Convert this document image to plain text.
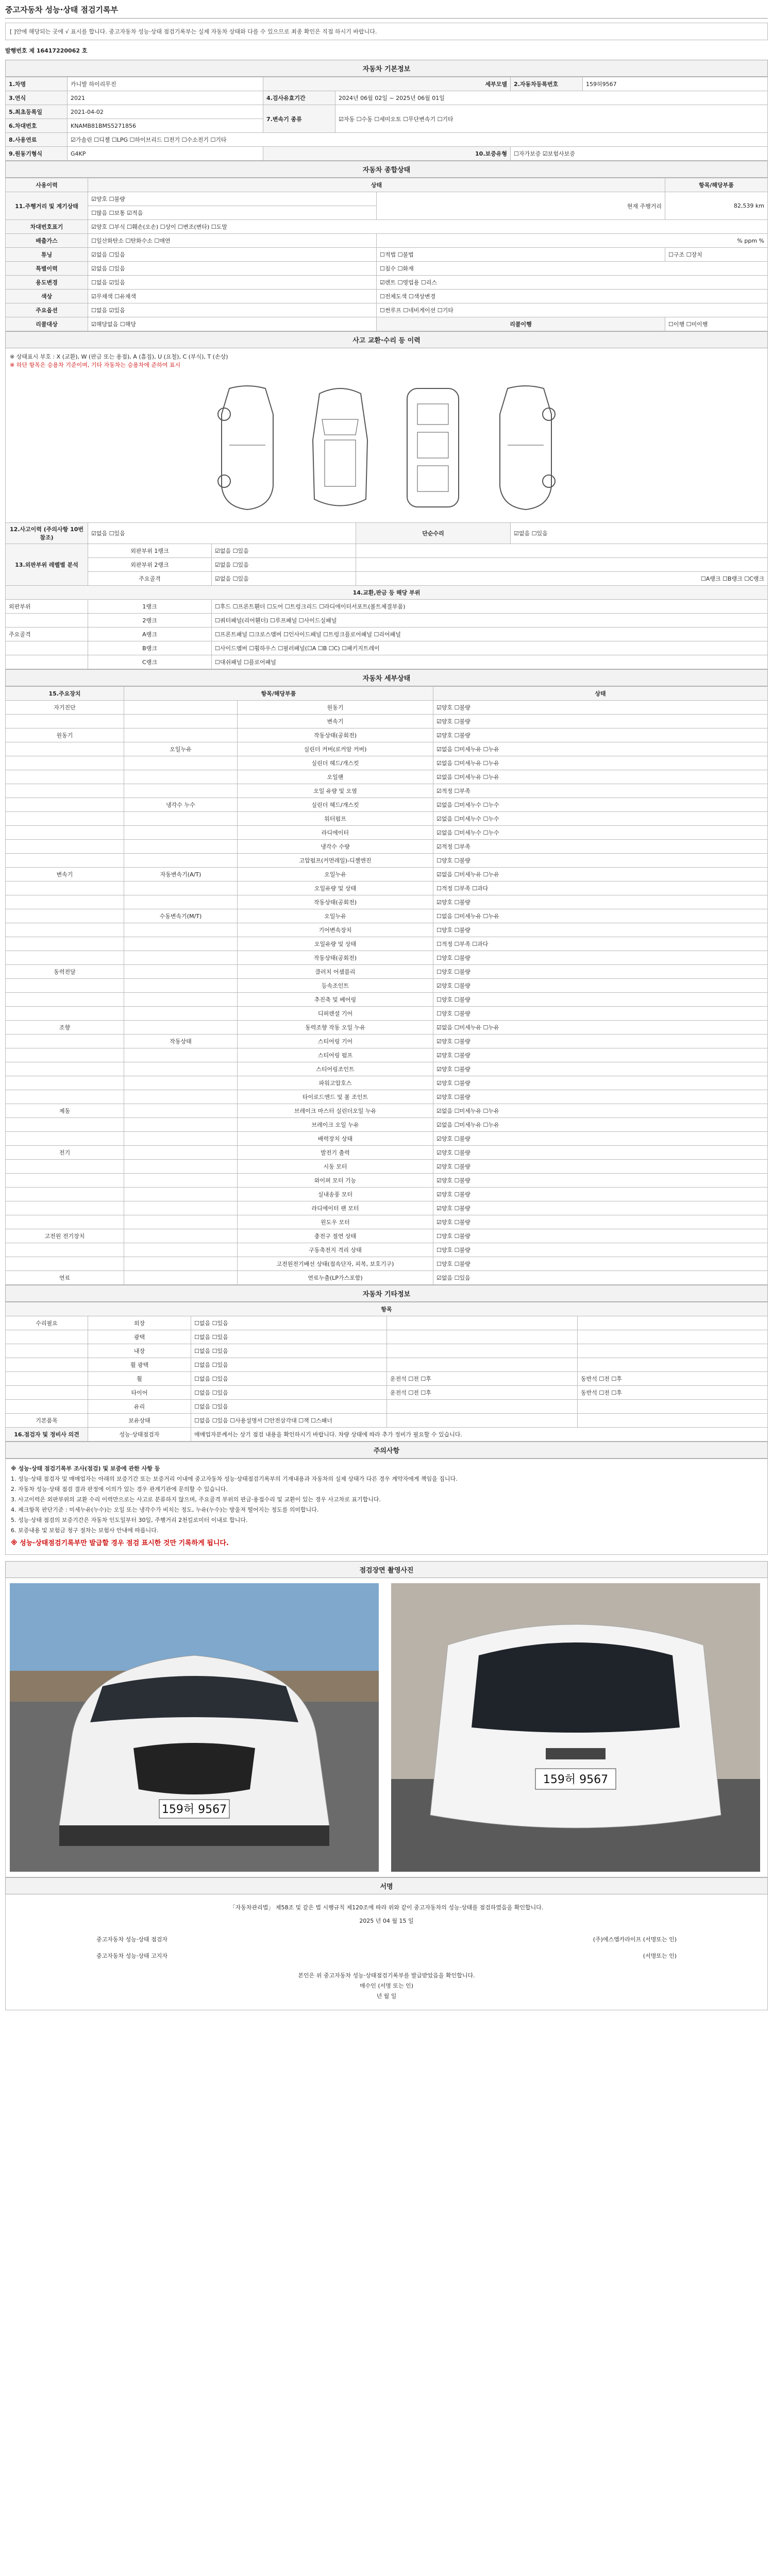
중고자동차 성능·상태 점검기록부
[ ]안에 해당되는 곳에 √ 표시를 합니다. 중고자동차 성능·상태 점검기록부는 실제 자동차 상태와 다를 수 있으므로 최종 확인은 직접 하시기 바랍니다.
발행번호 제 16417220062 호
자동차 기본정보
1.차명	카니발 하이리무진	세부모델		2.자동차등록번호	159허9567
3.연식	2021	4.검사유효기간	2024년 06월 02일 ~ 2025년 06월 01일		
5.최초등록일	2021-04-02	7.변속기 종류	☑자동 ☐수동 ☐세미오토 ☐무단변속기 ☐기타		
6.차대번호	KNAMB81BMS5271856				
8.사용연료	☑가솔린 ☐디젤 ☐LPG ☐하이브리드 ☐전기 ☐수소전기 ☐기타				
9.원동기형식	G4KP	10.보증유형		☐자가보증 ☑보험사보증	
자동차 종합상태
사용이력	상태		항목/해당부품
11.주행거리 및 계기상태	☑양호 ☐불량	현재 주행거리	82,539 km
	☐많음 ☐보통 ☑적음		
차대번호표기	☑양호 ☐부식 ☐훼손(오손) ☐상이 ☐변조(변타) ☐도말		
배출가스	☐일산화탄소 ☐탄화수소 ☐매연	% ppm %	
튜닝	☑없음 ☐있음	☐적법 ☐불법	☐구조 ☐장치
특별이력	☑없음 ☐있음	☐침수 ☐화재	
용도변경	☐없음 ☑있음	☑렌트 ☐영업용 ☐리스	
색상	☑무채색 ☐유채색	☐전체도색 ☐색상변경	
주요옵션	☐없음 ☑있음	☐썬루프 ☐네비게이션 ☐기타	
리콜대상	☑해당없음 ☐해당	리콜이행	☐이행 ☐미이행
사고 교환·수리 등 이력
※ 상태표시 부호 : X (교환), W (판금 또는 용접), A (흠집), U (요철), C (부식), T (손상)
※ 하단 항목은 승용차 기준이며, 기타 자동차는 승용차에 준하여 표시
12.사고이력 (주의사항 10번 참조)	☑없음 ☐있음		단순수리	☑없음 ☐있음
13.외판부위 레벨별 분석	외판부위 1랭크	☑없음 ☐있음		
	외판부위 2랭크	☑없음 ☐있음		
	주요골격	☑없음 ☐있음	☐A랭크 ☐B랭크 ☐C랭크	
14.교환,판금 등 해당 부위				
외판부위	1랭크	☐후드 ☐프론트휀더 ☐도어 ☐트렁크리드 ☐라디에이터서포트(볼트체결부품)		
	2랭크	☐쿼터패널(리어휀더) ☐루프패널 ☐사이드실패널		
주요골격	A랭크	☐프론트패널 ☐크로스멤버 ☐인사이드패널 ☐트렁크플로어패널 ☐리어패널		
	B랭크	☐사이드멤버 ☐휠하우스 ☐필러패널(☐A ☐B ☐C) ☐패키지트레이		
	C랭크	☐대쉬패널 ☐플로어패널		
자동차 세부상태
15.주요장치	항목/해당부품		상태
자기진단		원동기	☑양호 ☐불량
		변속기	☑양호 ☐불량
원동기		작동상태(공회전)	☑양호 ☐불량
	오일누유	실린더 커버(로커암 커버)	☑없음 ☐미세누유 ☐누유
		실린더 헤드/개스킷	☑없음 ☐미세누유 ☐누유
		오일팬	☑없음 ☐미세누유 ☐누유
		오일 유량 및 오염	☑적정 ☐부족
	냉각수 누수	실린더 헤드/개스킷	☑없음 ☐미세누수 ☐누수
		워터펌프	☑없음 ☐미세누수 ☐누수
		라디에이터	☑없음 ☐미세누수 ☐누수
		냉각수 수량	☑적정 ☐부족
		고압펌프(커먼레일)-디젤엔진	☐양호 ☐불량
변속기	자동변속기(A/T)	오일누유	☑없음 ☐미세누유 ☐누유
		오일유량 및 상태	☐적정 ☐부족 ☐과다
		작동상태(공회전)	☑양호 ☐불량
	수동변속기(M/T)	오일누유	☐없음 ☐미세누유 ☐누유
		기어변속장치	☐양호 ☐불량
		오일유량 및 상태	☐적정 ☐부족 ☐과다
		작동상태(공회전)	☐양호 ☐불량
동력전달		클러치 어셈블리	☐양호 ☐불량
		등속조인트	☑양호 ☐불량
		추진축 및 베어링	☐양호 ☐불량
		디퍼렌셜 기어	☐양호 ☐불량
조향		동력조향 작동 오일 누유	☑없음 ☐미세누유 ☐누유
	작동상태	스티어링 기어	☑양호 ☐불량
		스티어링 펌프	☑양호 ☐불량
		스티어링조인트	☑양호 ☐불량
		파워고압호스	☑양호 ☐불량
		타이로드엔드 및 볼 조인트	☑양호 ☐불량
제동		브레이크 마스터 실린더오일 누유	☑없음 ☐미세누유 ☐누유
		브레이크 오일 누유	☑없음 ☐미세누유 ☐누유
		배력장치 상태	☑양호 ☐불량
전기		발전기 출력	☑양호 ☐불량
		시동 모터	☑양호 ☐불량
		와이퍼 모터 기능	☑양호 ☐불량
		실내송풍 모터	☑양호 ☐불량
		라디에이터 팬 모터	☑양호 ☐불량
		윈도우 모터	☑양호 ☐불량
고전원 전기장치		충전구 절연 상태	☐양호 ☐불량
		구동축전지 격리 상태	☐양호 ☐불량
		고전원전기배선 상태(접속단자, 피복, 보호기구)	☐양호 ☐불량
연료		연료누출(LP가스포함)	☑없음 ☐있음
자동차 기타정보
항목				
수리필요	외장	☐없음 ☐있음		
	광택	☐없음 ☐있음		
	내장	☐없음 ☐있음		
	휠 광택	☐없음 ☐있음		
	휠	☐없음 ☐있음	운전석 ☐전 ☐후	동반석 ☐전 ☐후
	타이어	☐없음 ☐있음	운전석 ☐전 ☐후	동반석 ☐전 ☐후
	유리	☐없음 ☐있음		
기본품목	보유상태	☐없음 ☐있음 ☐사용설명서 ☐안전삼각대 ☐잭 ☐스패너		
16.점검자 및 정비사 의견	성능·상태점검자	매매업자분께서는 상기 점검 내용을 확인하시기 바랍니다. 차량 상태에 따라 추가 정비가 필요할 수 있습니다.		
주의사항

※ 성능·상태 점검기록부 조사(점검) 및 보증에 관한 사항 등

1. 성능·상태 점검자 및 매매업자는 아래의 보증기간 또는 보증거리 이내에 중고자동차 성능·상태점검기록부의 기재내용과 자동차의 실제 상태가 다른 경우 계약자에게 책임을 집니다.

2. 자동차 성능·상태 점검 결과 판정에 이의가 있는 경우 관계기관에 문의할 수 있습니다.

3. 사고이력은 외판부위의 교환 수리 이력만으로는 사고로 분류하지 않으며, 주요골격 부위의 판금·용접수리 및 교환이 있는 경우 사고차로 표기합니다.

4. 체크항목 판단기준 : 미세누유(누수)는 오일 또는 냉각수가 비치는 정도, 누유(누수)는 방울져 떨어지는 정도를 의미합니다.

5. 성능·상태 점검의 보증기간은 자동차 인도일부터 30일, 주행거리 2천킬로미터 이내로 합니다.

6. 보증내용 및 보험금 청구 절차는 보험사 안내에 따릅니다.

※ 성능·상태점검기록부만 발급할 경우 점검 표시한 것만 기록하게 됩니다.

점검장면 촬영사진
159허 9567
159허 9567
서명
「자동차관리법」 제58조 및 같은 법 시행규칙 제120조에 따라 위와 같이 중고자동차의 성능·상태를 점검하였음을 확인합니다.
2025 년 04 월 15 일
중고자동차 성능·상태 점검자	(주)에스엠카라이프 (서명또는 인)
중고자동차 성능·상태 고지자	(서명또는 인)
본인은 위 중고자동차 성능·상태점검기록부를 발급받았음을 확인합니다.
매수인 (서명 또는 인)
년 월 일
